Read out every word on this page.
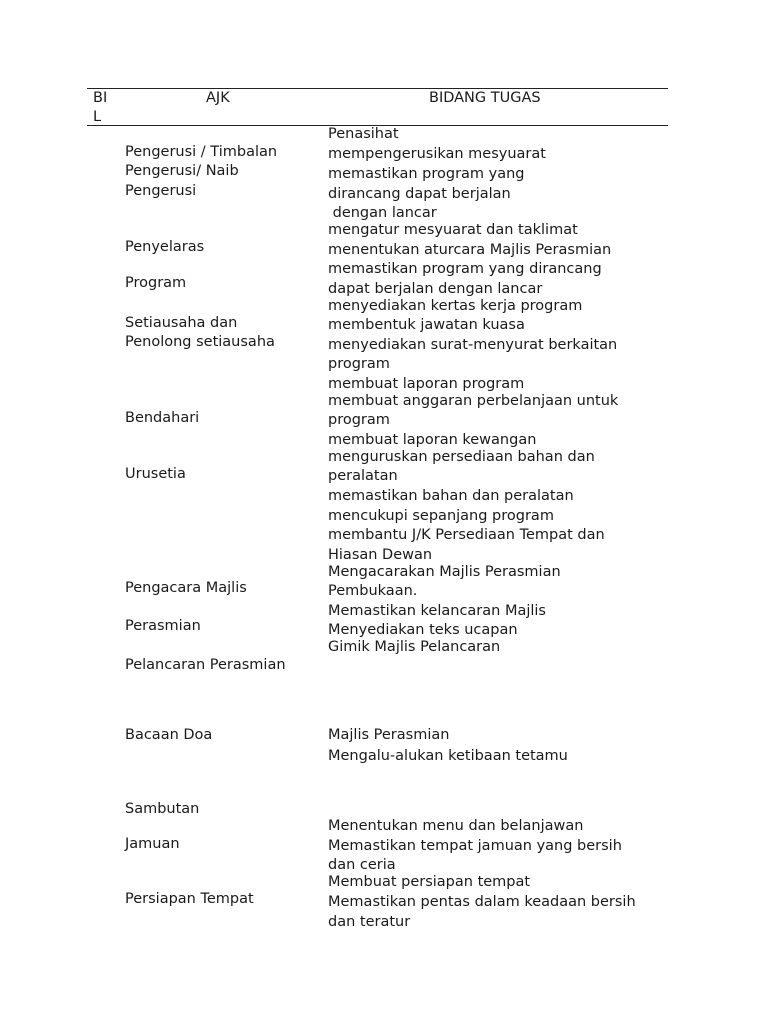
BI
L
AJK	BIDANG TUGAS
Pengerusi / Timbalan
Pengerusi/ Naib
Pengerusi
Penyelaras
Program
Setiausaha dan
Penolong setiausaha
Bendahari
Urusetia
Pengacara Majlis
Perasmian
Pelancaran Perasmian
Bacaan Doa
Sambutan
Jamuan
Persiapan Tempat
Penasihat
mempengerusikan mesyuarat
memastikan program yang
dirancang dapat berjalan
dengan lancar
mengatur mesyuarat dan taklimat
menentukan aturcara Majlis Perasmian
memastikan program yang dirancang
dapat berjalan dengan lancar
menyediakan kertas kerja program
membentuk jawatan kuasa
menyediakan surat-menyurat berkaitan
program
membuat laporan program
membuat anggaran perbelanjaan untuk
program
membuat laporan kewangan
menguruskan persediaan bahan dan
peralatan
memastikan bahan dan peralatan
mencukupi sepanjang program
membantu J/K Persediaan Tempat dan
Hiasan Dewan
Mengacarakan Majlis Perasmian
Pembukaan.
Memastikan kelancaran Majlis
Menyediakan teks ucapan
Gimik Majlis Pelancaran
Majlis Perasmian
Mengalu-alukan ketibaan tetamu
Menentukan menu dan belanjawan
Memastikan tempat jamuan yang bersih
dan ceria
Membuat persiapan tempat
Memastikan pentas dalam keadaan bersih
dan teratur
